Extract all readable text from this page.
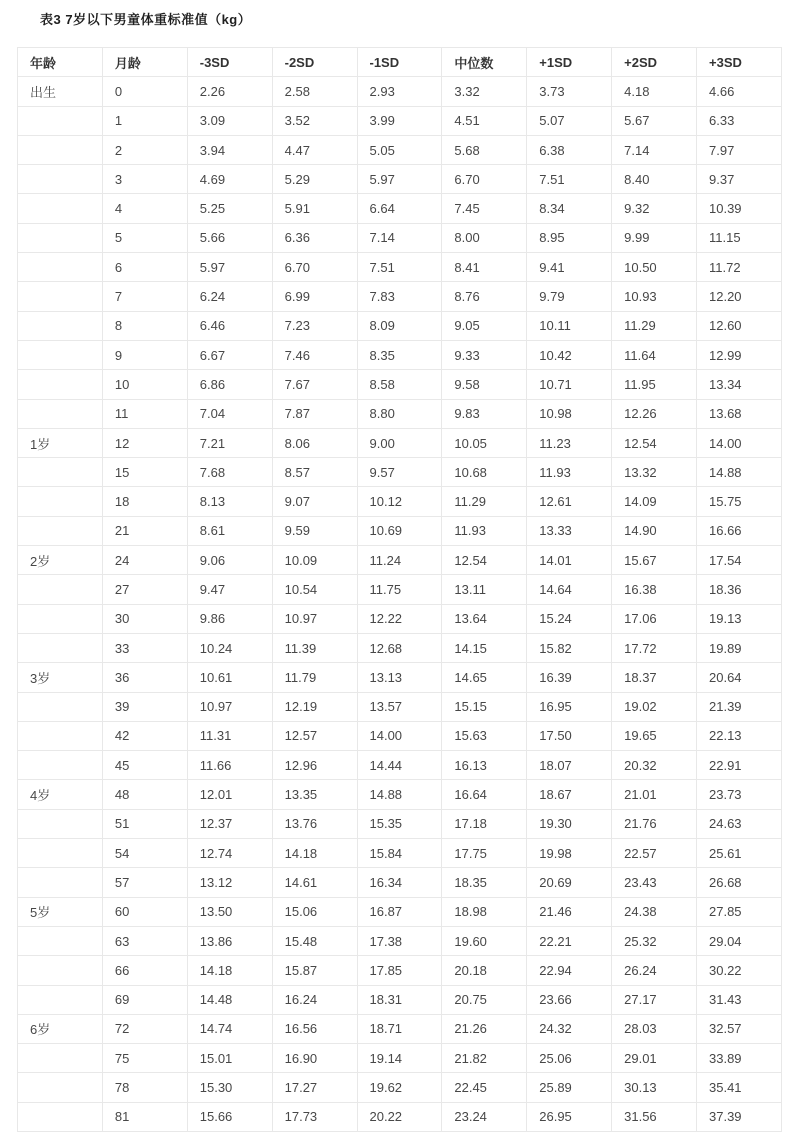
表3 7岁以下男童体重标准值（kg）
年龄	月龄	-3SD	-2SD	-1SD	中位数	+1SD	+2SD	+3SD
出生	0	2.26	2.58	2.93	3.32	3.73	4.18	4.66
	1	3.09	3.52	3.99	4.51	5.07	5.67	6.33
	2	3.94	4.47	5.05	5.68	6.38	7.14	7.97
	3	4.69	5.29	5.97	6.70	7.51	8.40	9.37
	4	5.25	5.91	6.64	7.45	8.34	9.32	10.39
	5	5.66	6.36	7.14	8.00	8.95	9.99	11.15
	6	5.97	6.70	7.51	8.41	9.41	10.50	11.72
	7	6.24	6.99	7.83	8.76	9.79	10.93	12.20
	8	6.46	7.23	8.09	9.05	10.11	11.29	12.60
	9	6.67	7.46	8.35	9.33	10.42	11.64	12.99
	10	6.86	7.67	8.58	9.58	10.71	11.95	13.34
	11	7.04	7.87	8.80	9.83	10.98	12.26	13.68
1岁	12	7.21	8.06	9.00	10.05	11.23	12.54	14.00
	15	7.68	8.57	9.57	10.68	11.93	13.32	14.88
	18	8.13	9.07	10.12	11.29	12.61	14.09	15.75
	21	8.61	9.59	10.69	11.93	13.33	14.90	16.66
2岁	24	9.06	10.09	11.24	12.54	14.01	15.67	17.54
	27	9.47	10.54	11.75	13.11	14.64	16.38	18.36
	30	9.86	10.97	12.22	13.64	15.24	17.06	19.13
	33	10.24	11.39	12.68	14.15	15.82	17.72	19.89
3岁	36	10.61	11.79	13.13	14.65	16.39	18.37	20.64
	39	10.97	12.19	13.57	15.15	16.95	19.02	21.39
	42	11.31	12.57	14.00	15.63	17.50	19.65	22.13
	45	11.66	12.96	14.44	16.13	18.07	20.32	22.91
4岁	48	12.01	13.35	14.88	16.64	18.67	21.01	23.73
	51	12.37	13.76	15.35	17.18	19.30	21.76	24.63
	54	12.74	14.18	15.84	17.75	19.98	22.57	25.61
	57	13.12	14.61	16.34	18.35	20.69	23.43	26.68
5岁	60	13.50	15.06	16.87	18.98	21.46	24.38	27.85
	63	13.86	15.48	17.38	19.60	22.21	25.32	29.04
	66	14.18	15.87	17.85	20.18	22.94	26.24	30.22
	69	14.48	16.24	18.31	20.75	23.66	27.17	31.43
6岁	72	14.74	16.56	18.71	21.26	24.32	28.03	32.57
	75	15.01	16.90	19.14	21.82	25.06	29.01	33.89
	78	15.30	17.27	19.62	22.45	25.89	30.13	35.41
	81	15.66	17.73	20.22	23.24	26.95	31.56	37.39
